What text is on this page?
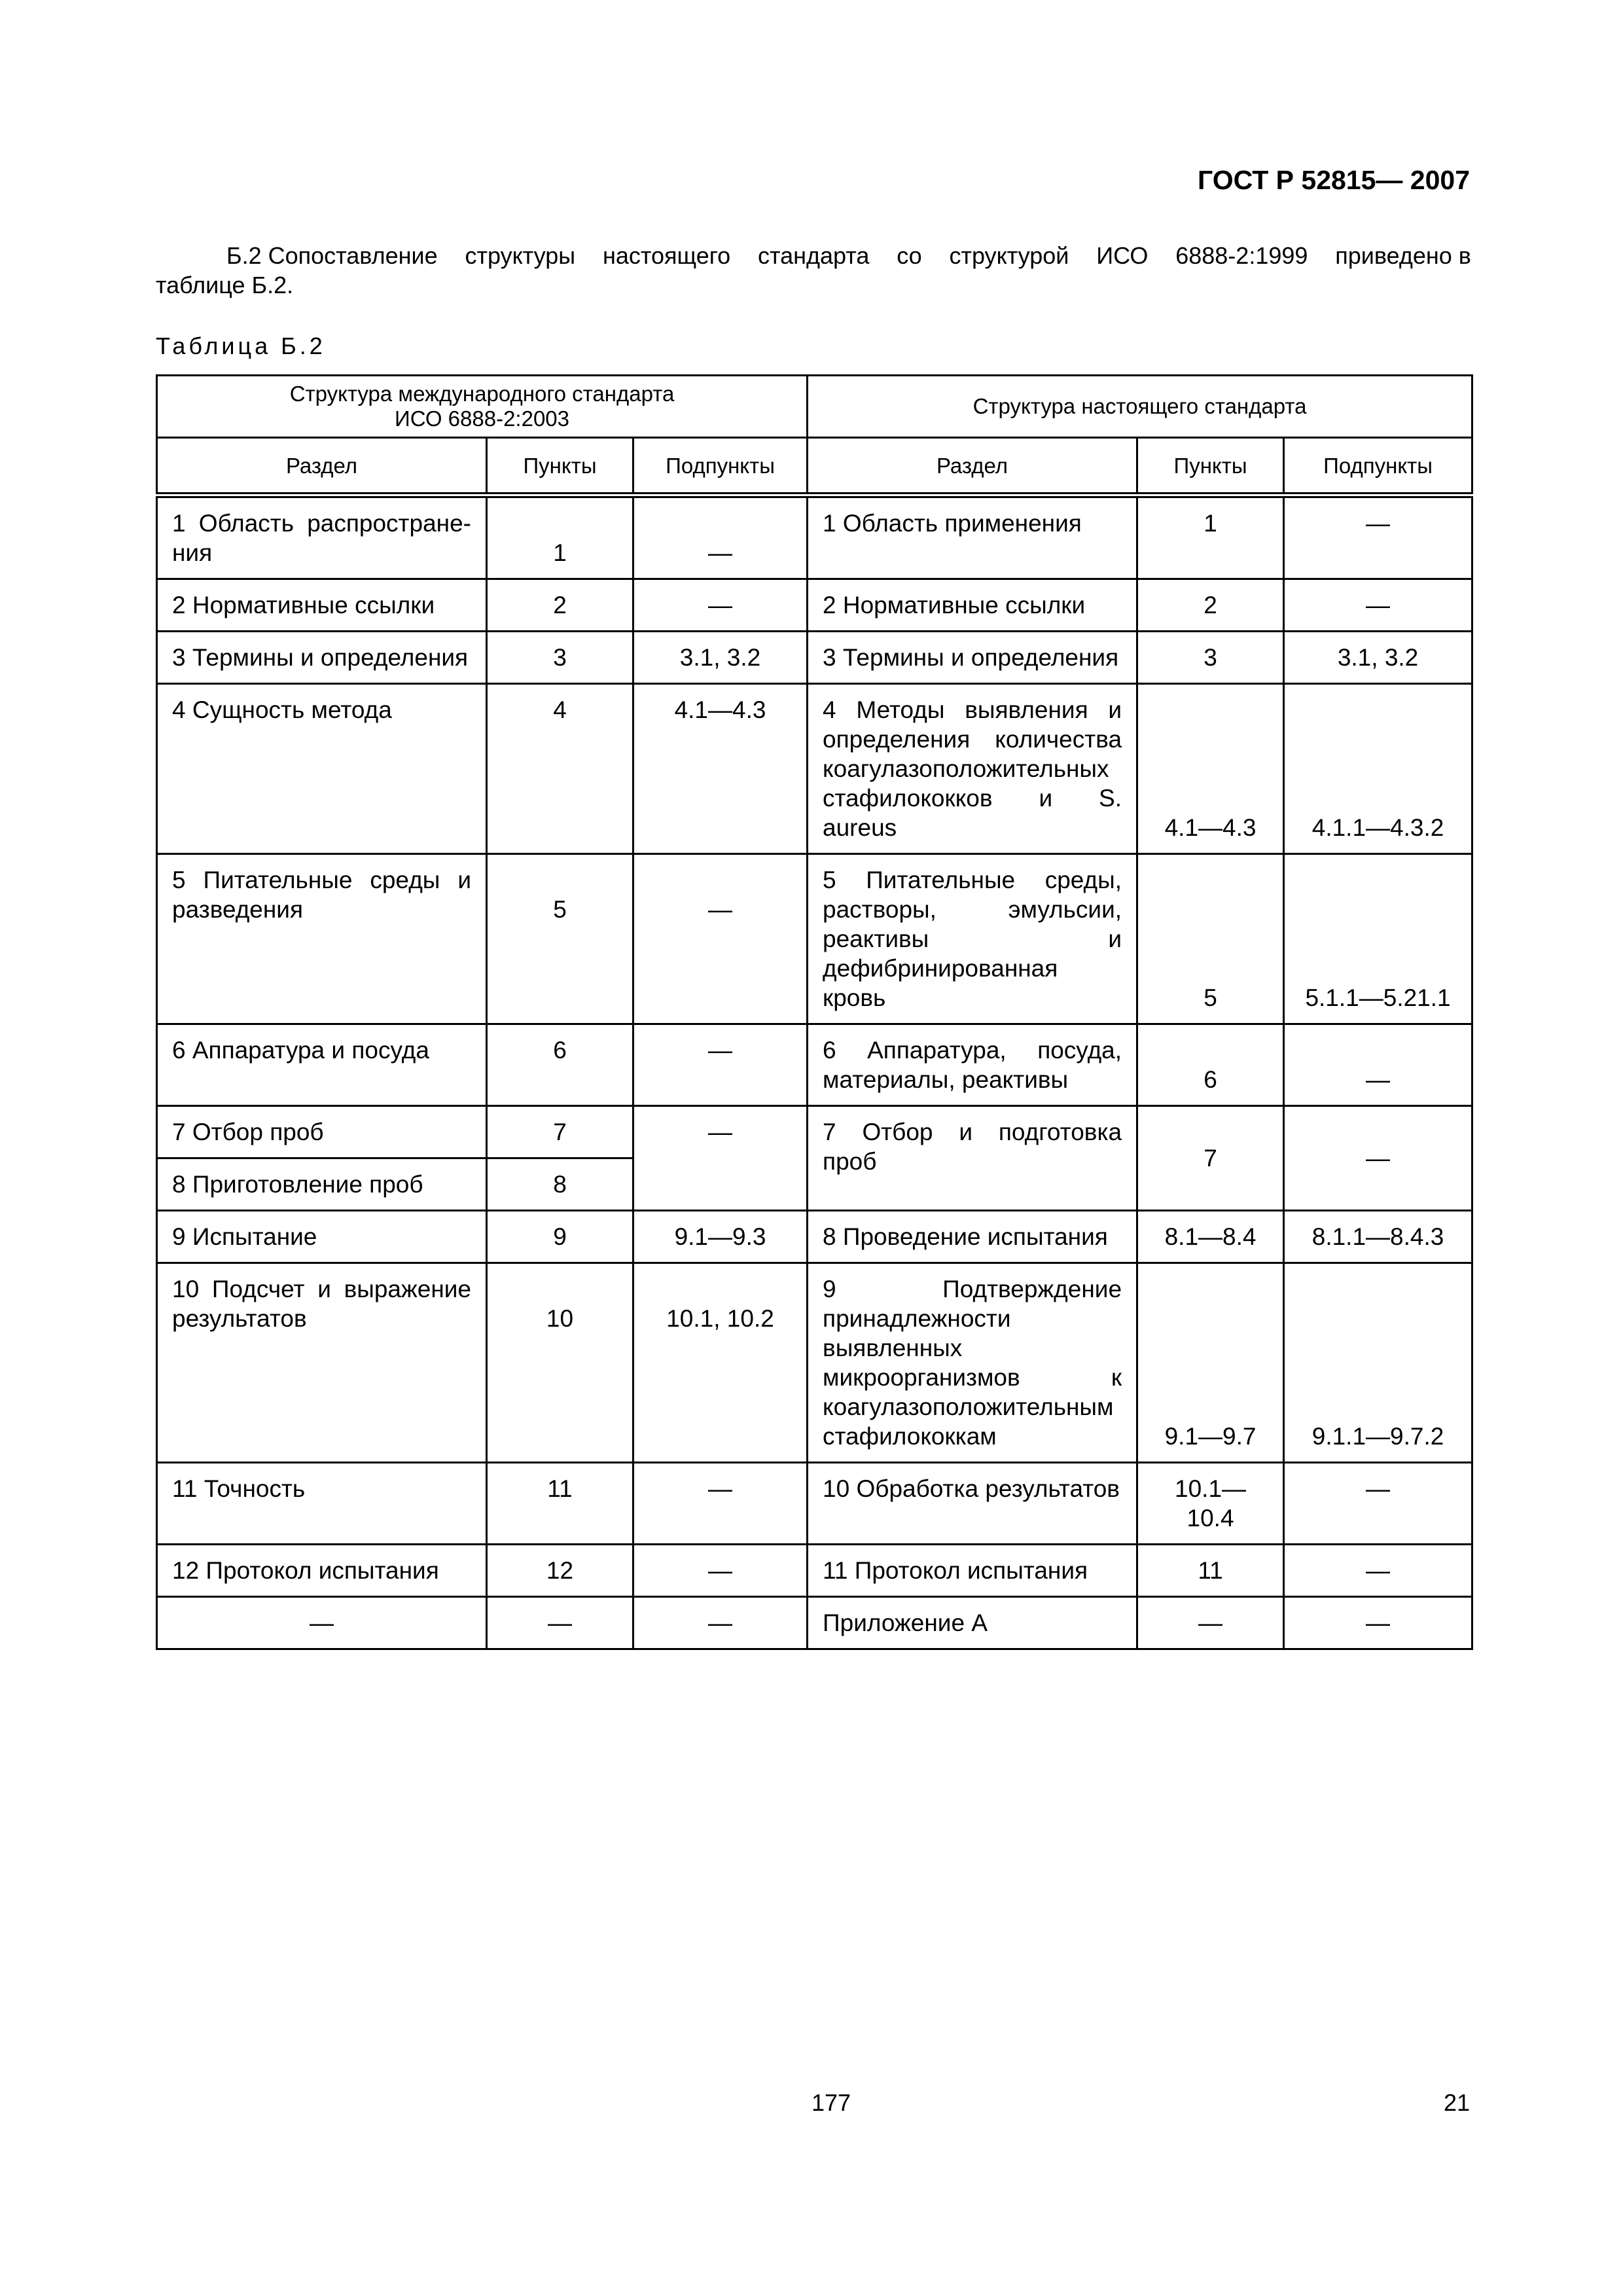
ГОСТ Р 52815— 2007
Б.2 Сопоставление структуры настоящего стандарта со структурой ИСО 6888-2:1999 приведено в
таблице Б.2.
Таблица Б.2
Структура международного стандарта
ИСО 6888-2:2003			Структура настоящего стандарта		
Раздел	Пункты	Подпункты	Раздел	Пункты	Подпункты
1 Область распростране-ния	1	—	1 Область применения	1	—
2 Нормативные ссылки	2	—	2 Нормативные ссылки	2	—
3 Термины и определения	3	3.1, 3.2	3 Термины и определения	3	3.1, 3.2
4 Сущность метода	4	4.1—4.3	4 Методы выявления и определения количества коагулазоположительных стафилококков и S. aureus	4.1—4.3	4.1.1—4.3.2
5 Питательные среды и разведения	5	—	5 Питательные среды, растворы, эмульсии, реактивы и дефибринированная кровь	5	5.1.1—5.21.1
6 Аппаратура и посуда	6	—	6 Аппаратура, посуда, материалы, реактивы	6	—
7 Отбор проб	7	—	7 Отбор и подготовка проб	7	—
8 Приготовление проб	8				
9 Испытание	9	9.1—9.3	8 Проведение испытания	8.1—8.4	8.1.1—8.4.3
10 Подсчет и выражение результатов	10	10.1, 10.2	9 Подтверждение принадлежности выявленных микроорганизмов к коагулазоположительным стафилококкам	9.1—9.7	9.1.1—9.7.2
11 Точность	11	—	10 Обработка результатов	10.1—10.4	—
12 Протокол испытания	12	—	11 Протокол испытания	11	—
—	—	—	Приложение А	—	—
177	21
